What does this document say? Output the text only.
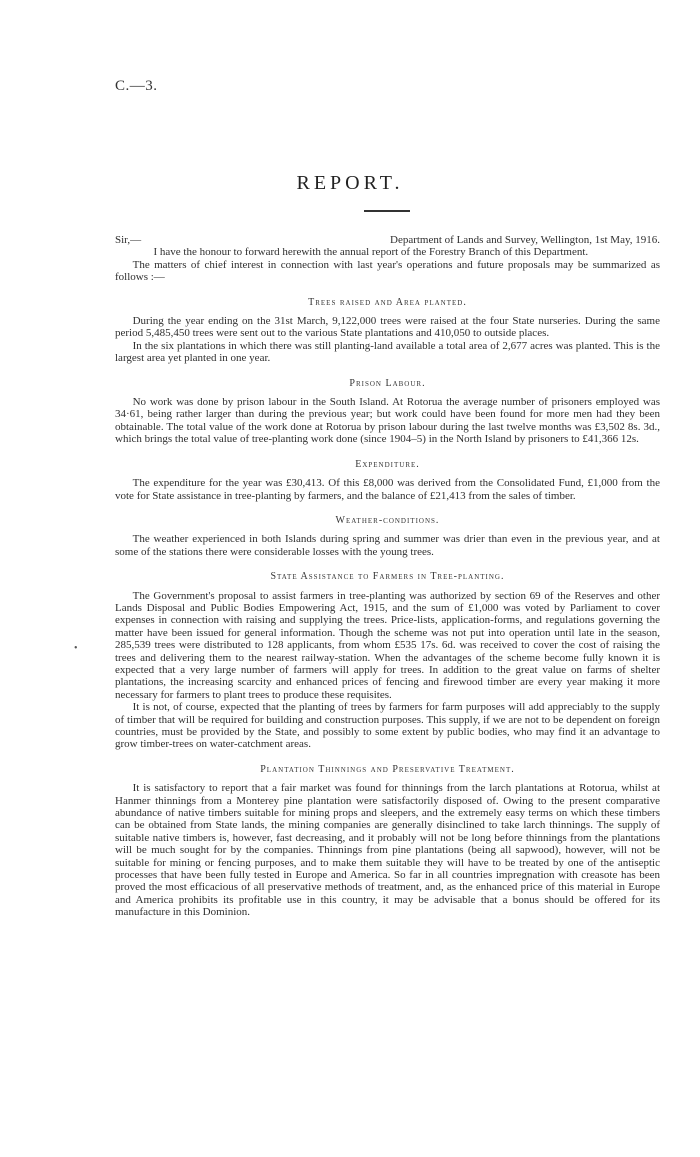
C.—3.
REPORT.
•
Sir,—	Department of Lands and Survey, Wellington, 1st May, 1916.

I have the honour to forward herewith the annual report of the Forestry Branch of this Department.

The matters of chief interest in connection with last year's operations and future proposals may be summarized as follows :—

Trees raised and Area planted.

During the year ending on the 31st March, 9,122,000 trees were raised at the four State nurseries. During the same period 5,485,450 trees were sent out to the various State plantations and 410,050 to outside places.

In the six plantations in which there was still planting-land available a total area of 2,677 acres was planted. This is the largest area yet planted in one year.

Prison Labour.

No work was done by prison labour in the South Island. At Rotorua the average number of prisoners employed was 34·61, being rather larger than during the previous year; but work could have been found for more men had they been obtainable. The total value of the work done at Rotorua by prison labour during the last twelve months was £3,502 8s. 3d., which brings the total value of tree-planting work done (since 1904–5) in the North Island by prisoners to £41,366 12s.

Expenditure.

The expenditure for the year was £30,413. Of this £8,000 was derived from the Consolidated Fund, £1,000 from the vote for State assistance in tree-planting by farmers, and the balance of £21,413 from the sales of timber.

Weather-conditions.

The weather experienced in both Islands during spring and summer was drier than even in the previous year, and at some of the stations there were considerable losses with the young trees.

State Assistance to Farmers in Tree-planting.

The Government's proposal to assist farmers in tree-planting was authorized by section 69 of the Reserves and other Lands Disposal and Public Bodies Empowering Act, 1915, and the sum of £1,000 was voted by Parliament to cover expenses in connection with raising and supplying the trees. Price-lists, application-forms, and regulations governing the matter have been issued for general information. Though the scheme was not put into operation until late in the season, 285,539 trees were distributed to 128 applicants, from whom £535 17s. 6d. was received to cover the cost of raising the trees and delivering them to the nearest railway-station. When the advantages of the scheme become fully known it is expected that a very large number of farmers will apply for trees. In addition to the great value on farms of shelter plantations, the increasing scarcity and enhanced prices of fencing and firewood timber are every year making it more necessary for farmers to plant trees to produce these requisites.

It is not, of course, expected that the planting of trees by farmers for farm purposes will add appreciably to the supply of timber that will be required for building and construction purposes. This supply, if we are not to be dependent on foreign countries, must be provided by the State, and possibly to some extent by public bodies, who may find it an advantage to grow timber-trees on water-catchment areas.

Plantation Thinnings and Preservative Treatment.

It is satisfactory to report that a fair market was found for thinnings from the larch plantations at Rotorua, whilst at Hanmer thinnings from a Monterey pine plantation were satisfactorily disposed of. Owing to the present comparative abundance of native timbers suitable for mining props and sleepers, and the extremely easy terms on which these timbers can be obtained from State lands, the mining companies are generally disinclined to take larch thinnings. The supply of suitable native timbers is, however, fast decreasing, and it probably will not be long before thinnings from the plantations will be much sought for by the companies. Thinnings from pine plantations (being all sapwood), however, will not be suitable for mining or fencing purposes, and to make them suitable they will have to be treated by one of the antiseptic processes that have been fully tested in Europe and America. So far in all countries impregnation with creasote has been proved the most efficacious of all preservative methods of treatment, and, as the enhanced price of this material in Europe and America prohibits its profitable use in this country, it may be advisable that a bonus should be offered for its manufacture in this Dominion.
